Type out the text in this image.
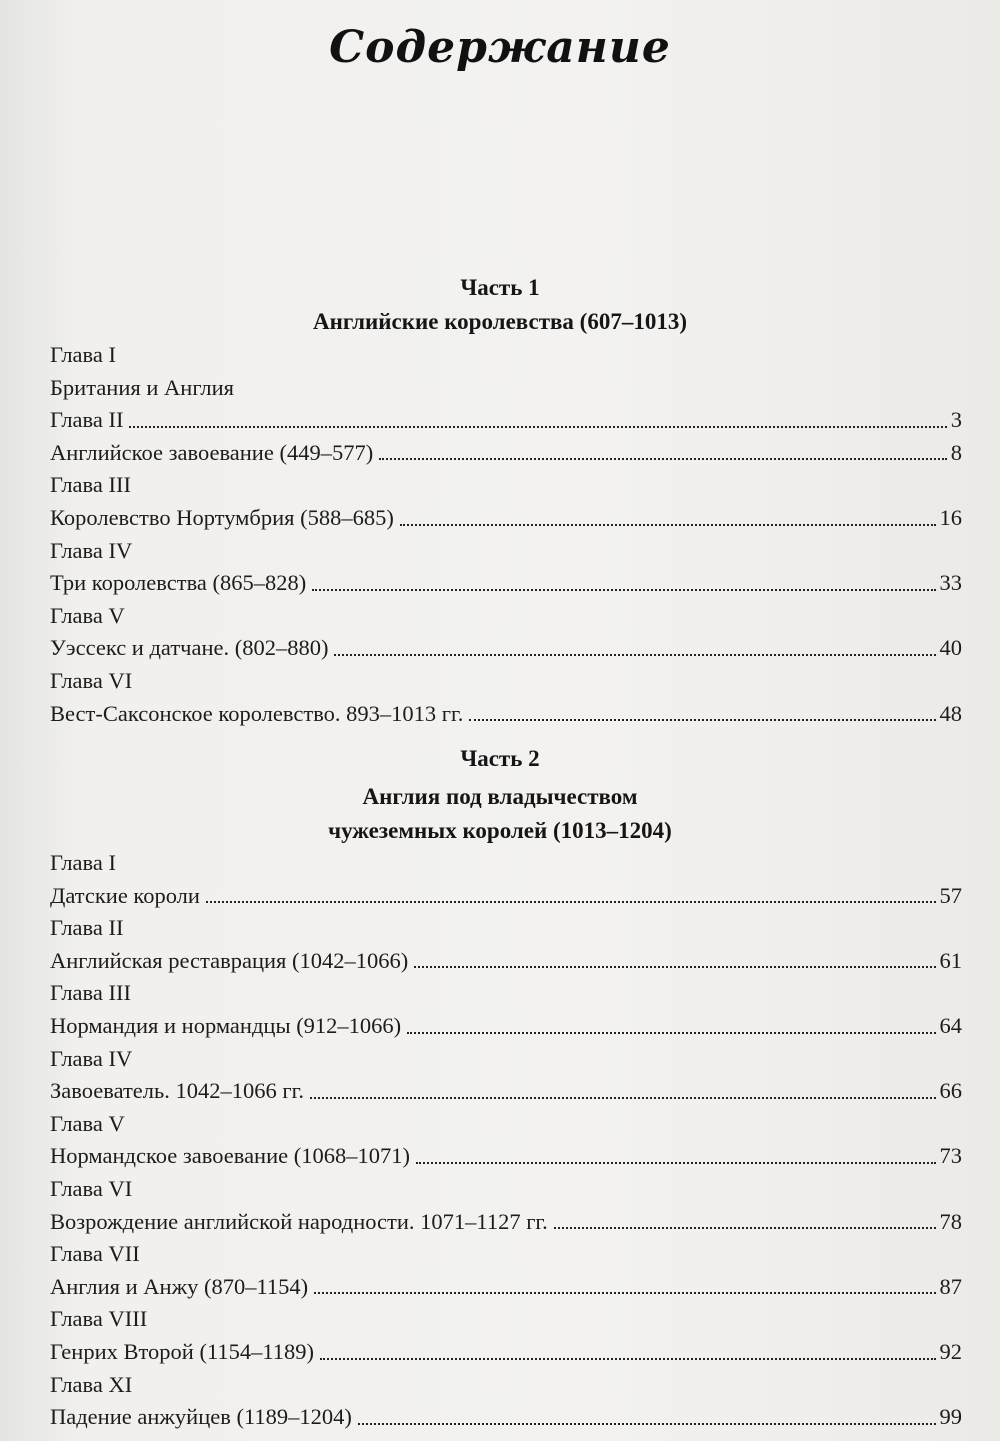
Содержание
Часть 1
Английские королевства (607–1013)
Глава I
Британия и Англия
Глава II	3
Английское завоевание (449–577)	8
Глава III
Королевство Нортумбрия (588–685)	16
Глава IV
Три королевства (865–828)	33
Глава V
Уэссекс и датчане. (802–880)	40
Глава VI
Вест-Саксонское королевство. 893–1013 гг.	48
Часть 2
Англия под владычеством
чужеземных королей (1013–1204)
Глава I
Датские короли	57
Глава II
Английская реставрация (1042–1066)	61
Глава III
Нормандия и нормандцы (912–1066)	64
Глава IV
Завоеватель. 1042–1066 гг.	66
Глава V
Нормандское завоевание (1068–1071)	73
Глава VI
Возрождение английской народности. 1071–1127 гг.	78
Глава VII
Англия и Анжу (870–1154)	87
Глава VIII
Генрих Второй (1154–1189)	92
Глава XI
Падение анжуйцев (1189–1204)	99
